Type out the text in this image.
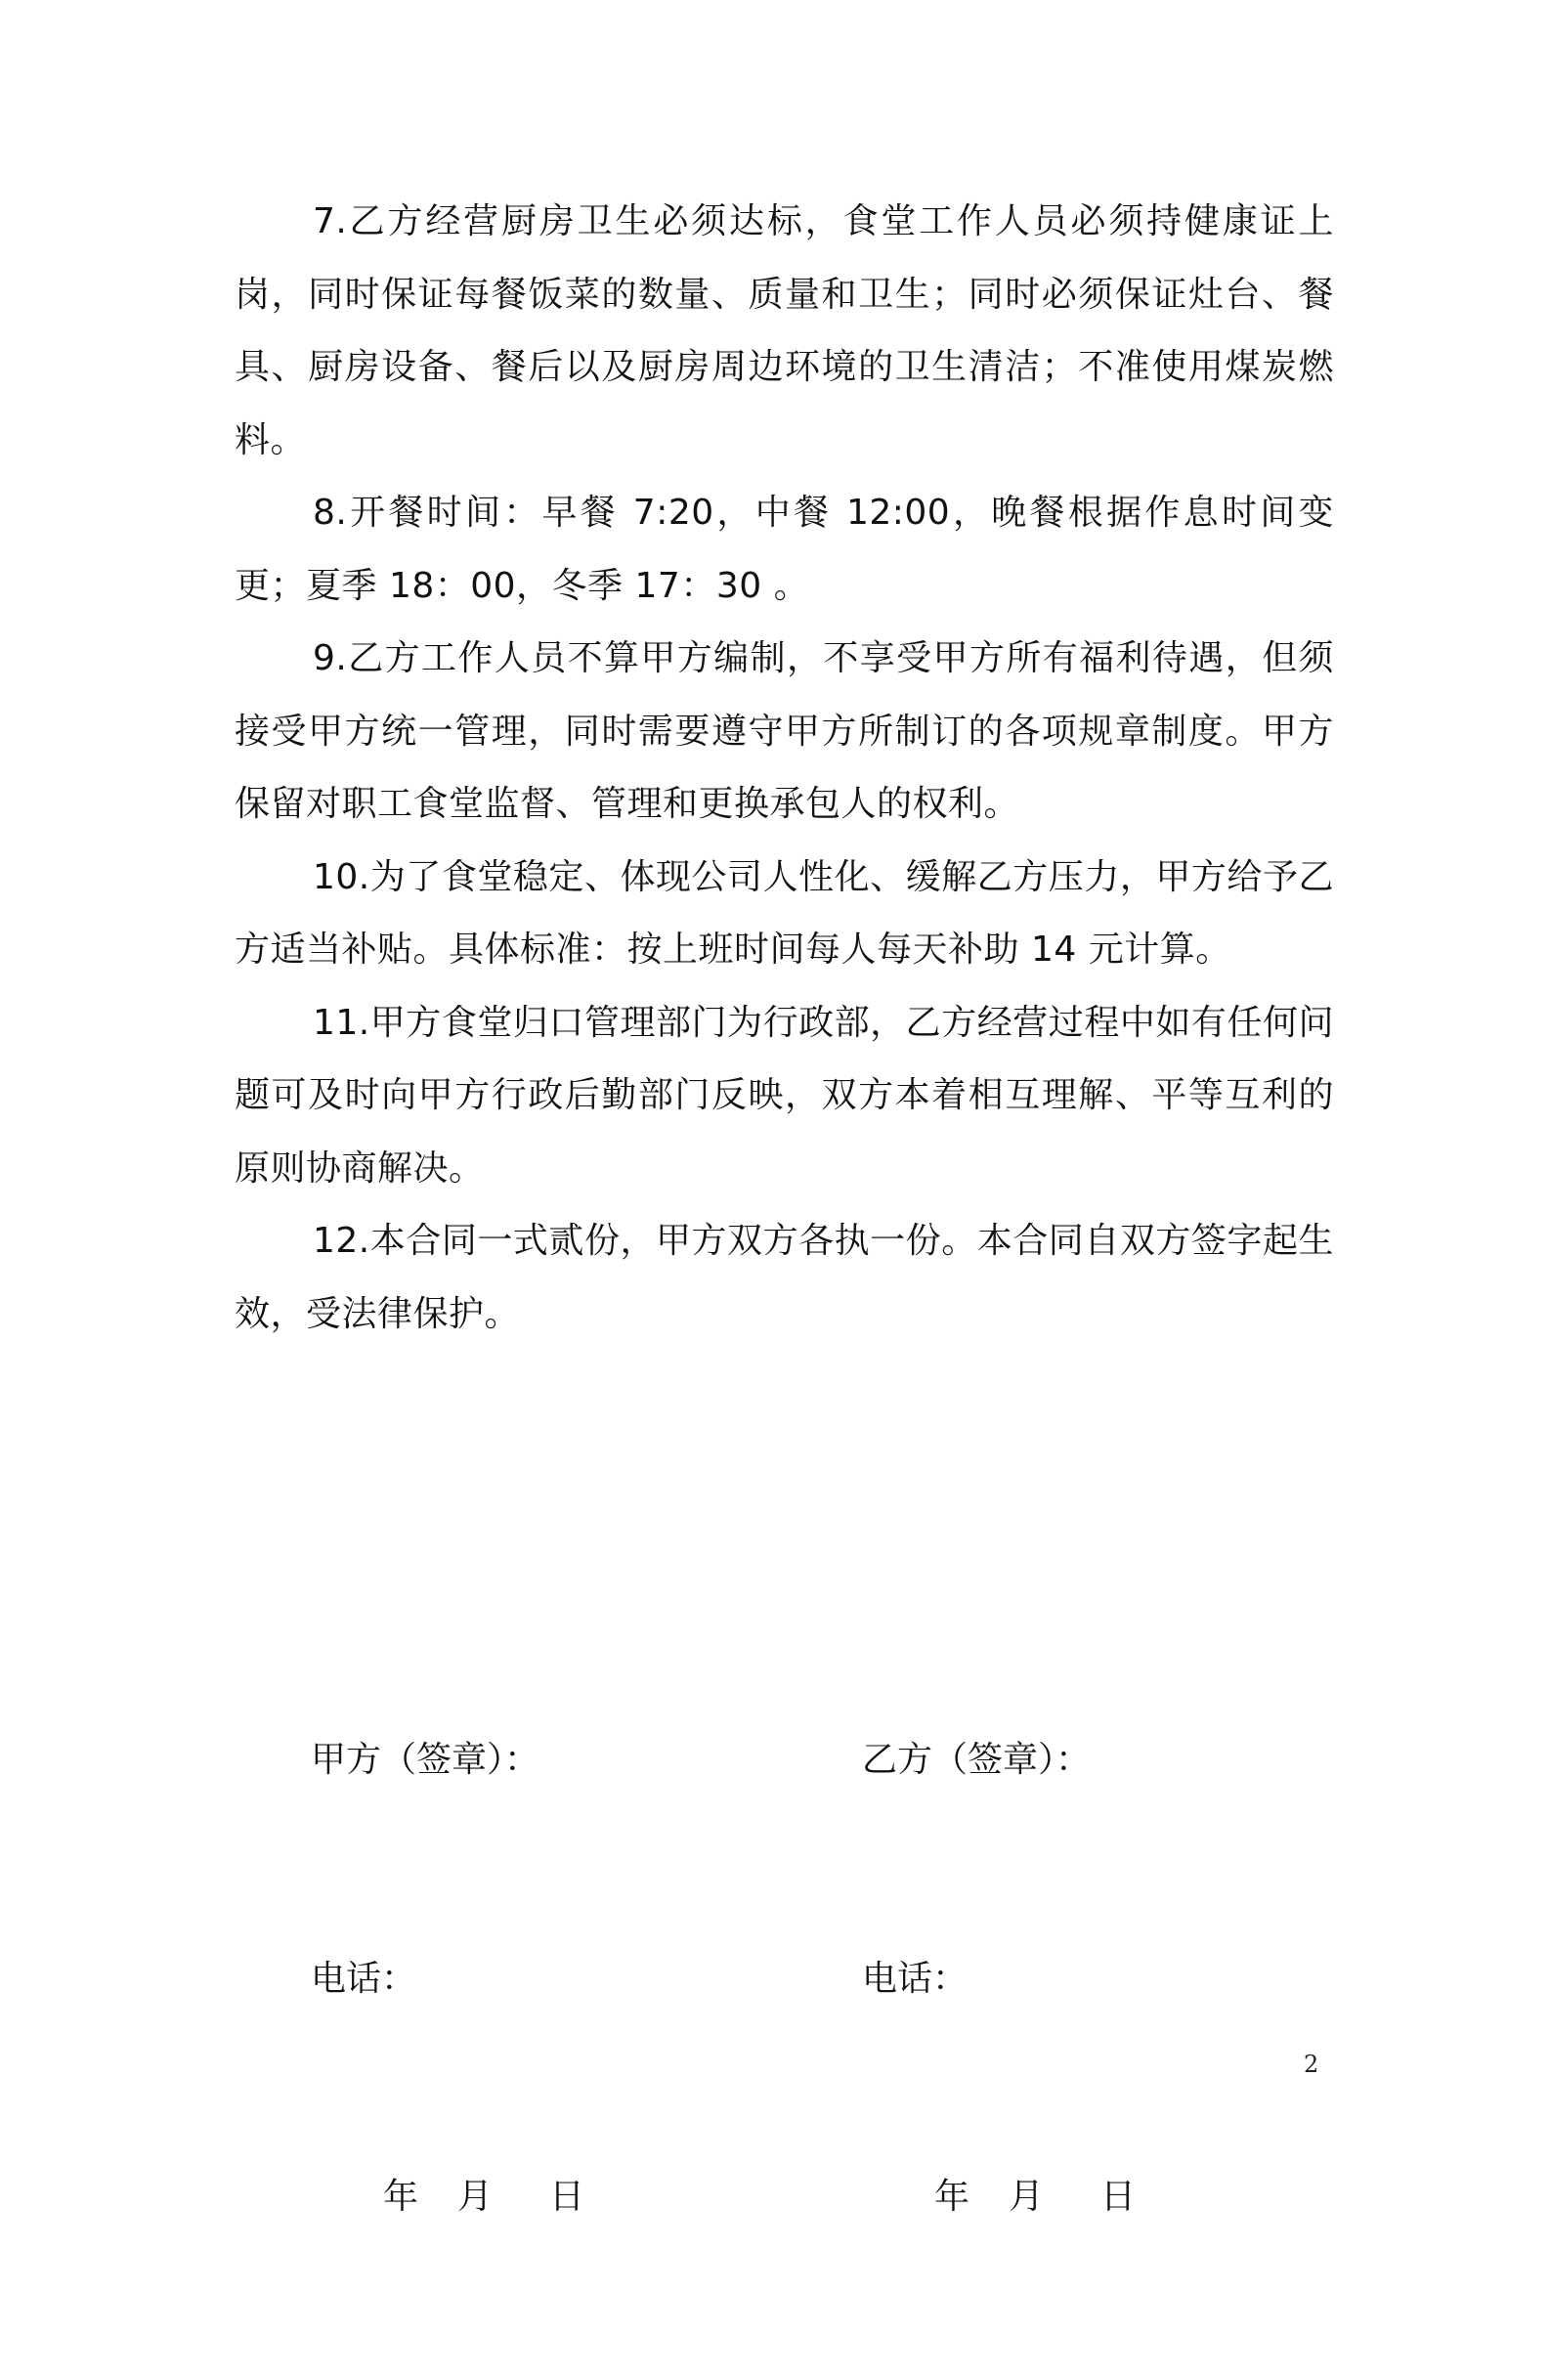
7.乙方经营厨房卫生必须达标，食堂工作人员必须持健康证上岗，同时保证每餐饭菜的数量、质量和卫生；同时必须保证灶台、餐具、厨房设备、餐后以及厨房周边环境的卫生清洁；不准使用煤炭燃料。

8.开餐时间：早餐 7:20，中餐 12:00，晚餐根据作息时间变更；夏季 18：00，冬季 17：30 。

9.乙方工作人员不算甲方编制，不享受甲方所有福利待遇，但须接受甲方统一管理，同时需要遵守甲方所制订的各项规章制度。甲方保留对职工食堂监督、管理和更换承包人的权利。

10.为了食堂稳定、体现公司人性化、缓解乙方压力，甲方给予乙方适当补贴。具体标准：按上班时间每人每天补助 14 元计算。

11.甲方食堂归口管理部门为行政部，乙方经营过程中如有任何问题可及时向甲方行政后勤部门反映，双方本着相互理解、平等互利的原则协商解决。

12.本合同一式贰份，甲方双方各执一份。本合同自双方签字起生效，受法律保护。

甲方（签章）：

电话：

年	月	日

乙方（签章）：

电话：

年	月	日

2
